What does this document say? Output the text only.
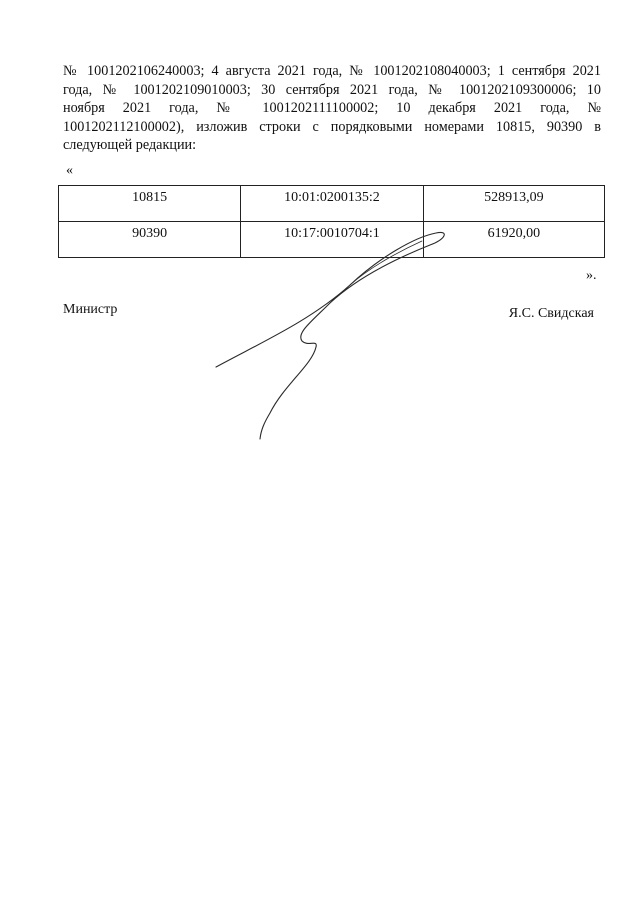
№ 1001202106240003; 4 августа 2021 года, № 1001202108040003; 1 сентября 2021
года, № 1001202109010003; 30 сентября 2021 года, № 1001202109300006; 10
ноября 2021 года, № 1001202111100002; 10 декабря 2021 года, №
1001202112100002), изложив строки с порядковыми номерами 10815, 90390 в
следующей редакции:
«
10815	10:01:0200135:2	528913,09

90390	10:17:0010704:1	61920,00
».
Министр	Я.С. Свидская
